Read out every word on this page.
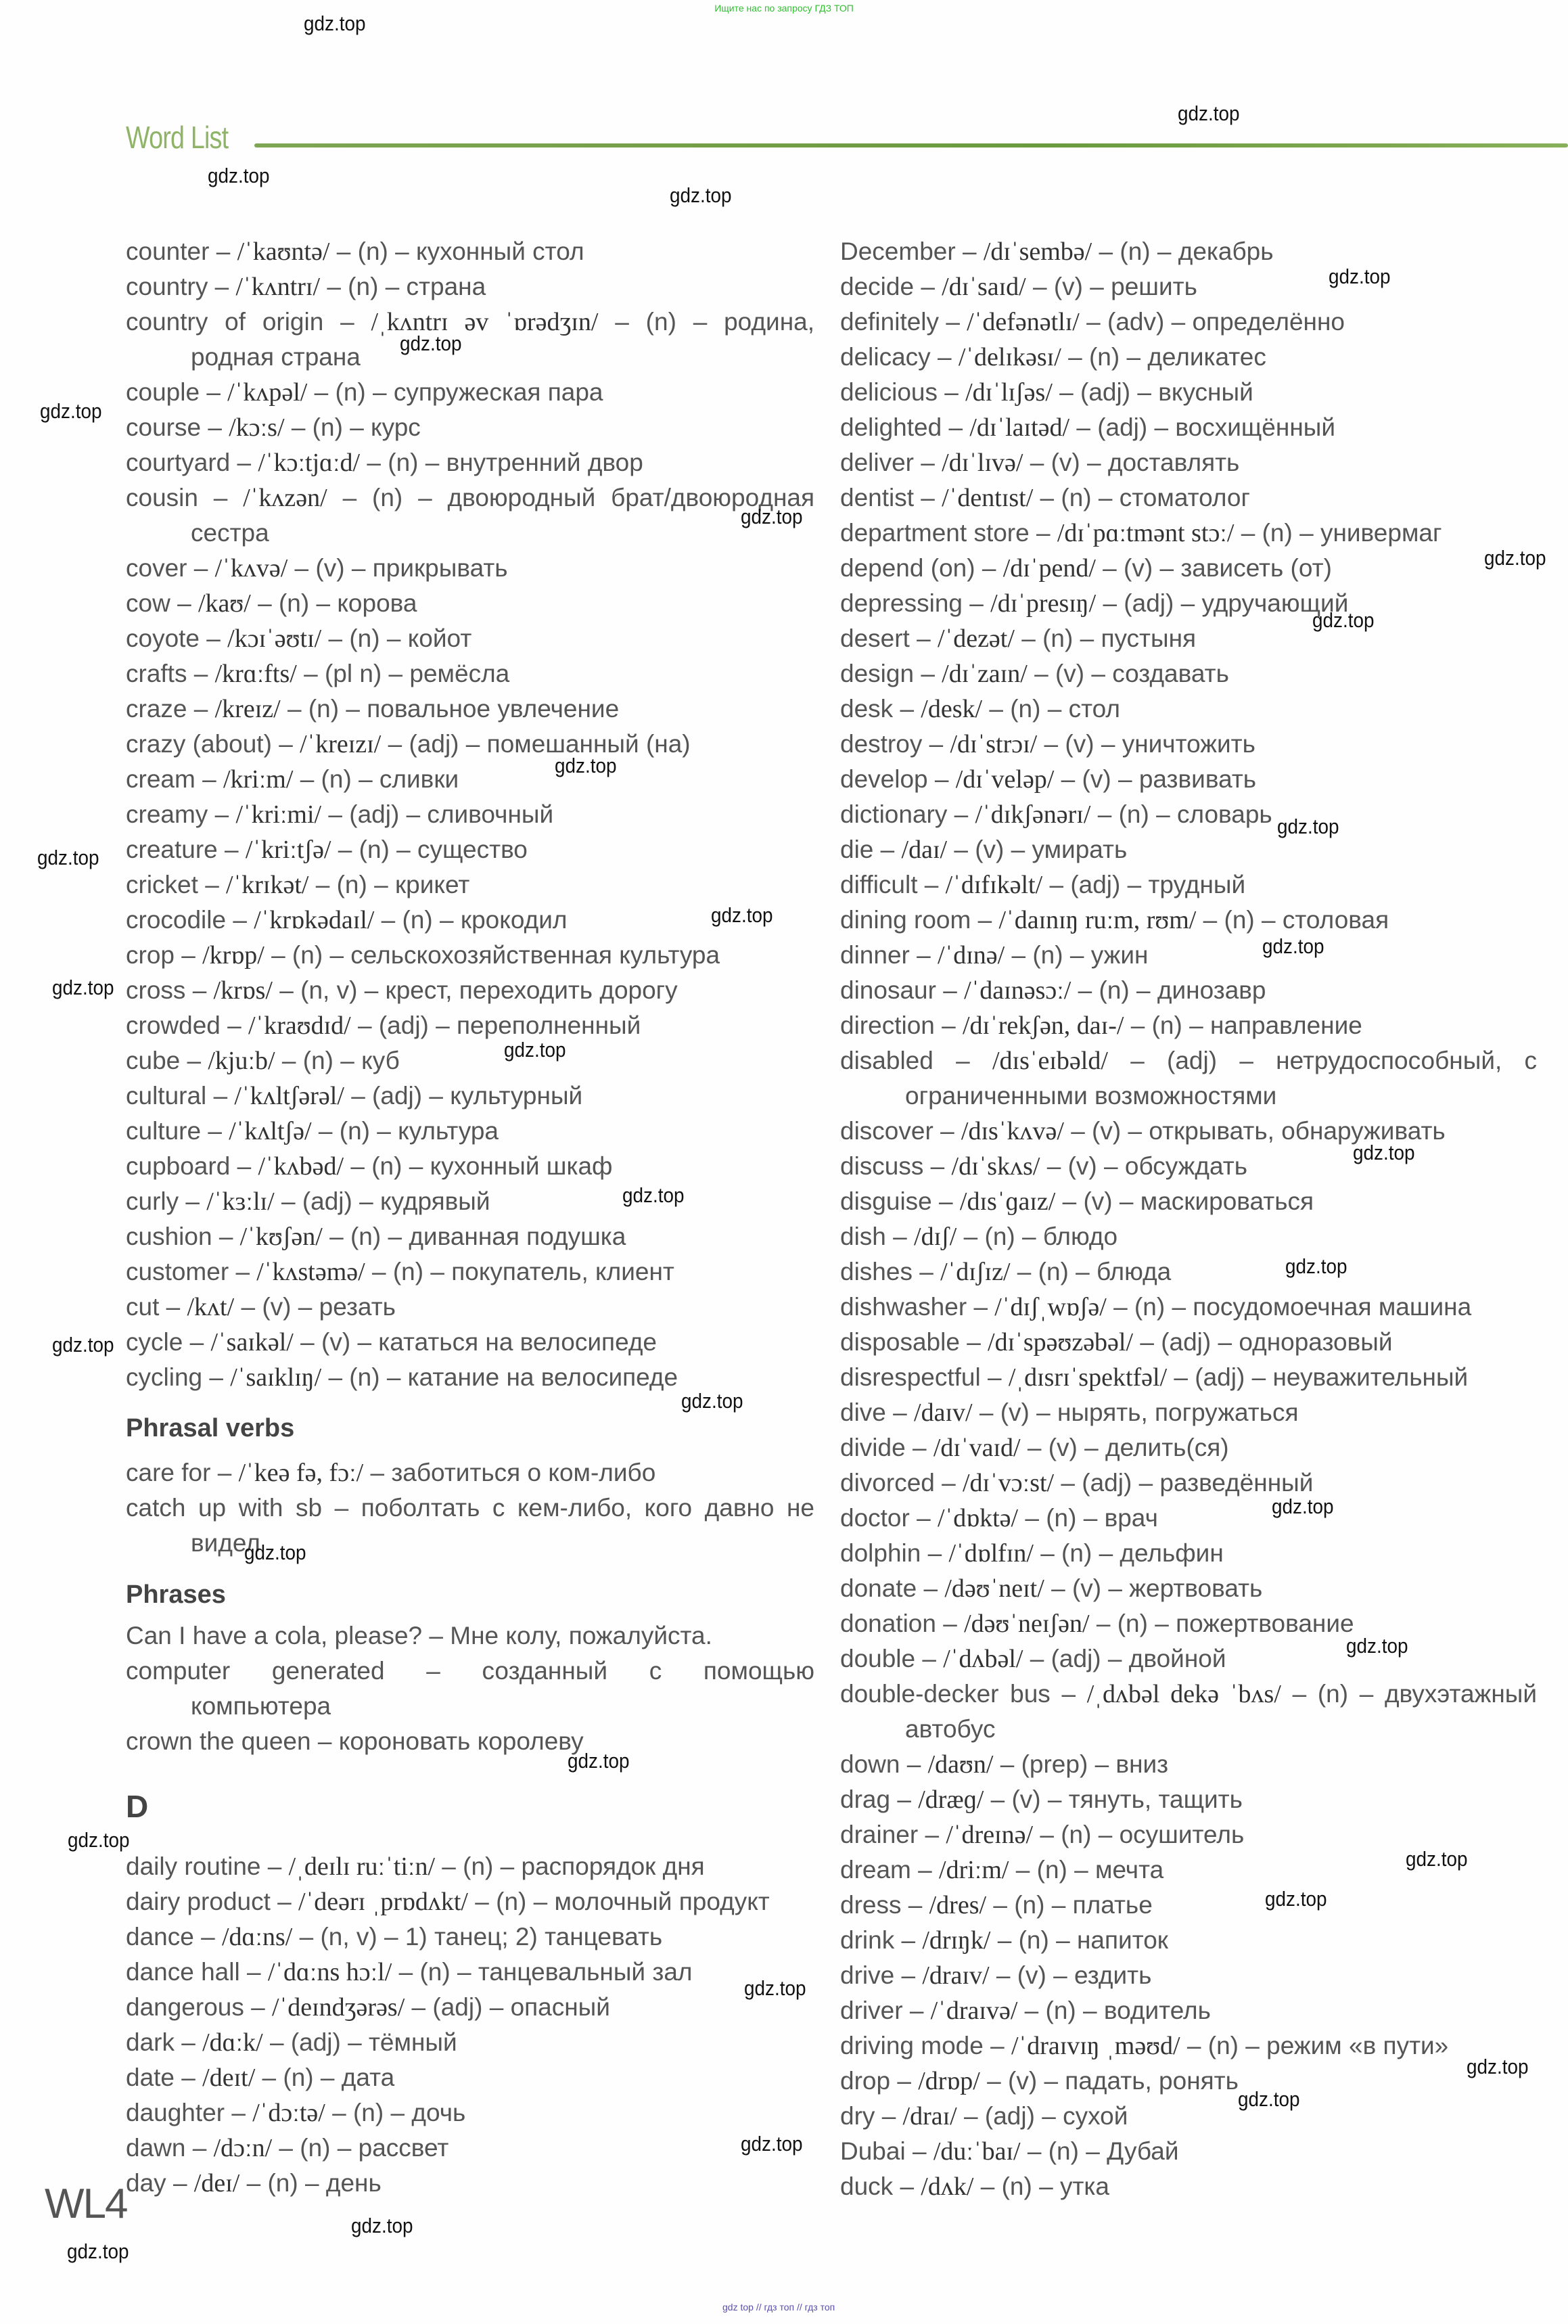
Ищите нас по запросу ГДЗ ТОП
Word List
counter – /ˈkaʊntə/ – (n) – кухонный стол
country – /ˈkʌntrɪ/ – (n) – страна
country of origin – /ˌkʌntrɪ əv ˈɒrədʒɪn/ – (n) – родина,
родная страна
couple – /ˈkʌpəl/ – (n) – супружеская пара
course – /kɔːs/ – (n) – курс
courtyard – /ˈkɔːtjɑːd/ – (n) – внутренний двор
cousin – /ˈkʌzən/ – (n) – двоюродный брат/двоюродная
сестра
cover – /ˈkʌvə/ – (v) – прикрывать
cow – /kaʊ/ – (n) – корова
coyote – /kɔɪˈəʊtɪ/ – (n) – койот
crafts – /krɑːfts/ – (pl n) – ремёсла
craze – /kreɪz/ – (n) – повальное увлечение
crazy (about) – /ˈkreɪzɪ/ – (adj) – помешанный (на)
cream – /kriːm/ – (n) – сливки
creamy – /ˈkriːmi/ – (adj) – сливочный
creature – /ˈkriːtʃə/ – (n) – существо
cricket – /ˈkrɪkət/ – (n) – крикет
crocodile – /ˈkrɒkədaɪl/ – (n) – крокодил
crop – /krɒp/ – (n) – сельскохозяйственная культура
cross – /krɒs/ – (n, v) – крест, переходить дорогу
crowded – /ˈkraʊdɪd/ – (adj) – переполненный
cube – /kjuːb/ – (n) – куб
cultural – /ˈkʌltʃərəl/ – (adj) – культурный
culture – /ˈkʌltʃə/ – (n) – культура
cupboard – /ˈkʌbəd/ – (n) – кухонный шкаф
curly – /ˈkɜːlɪ/ – (adj) – кудрявый
cushion – /ˈkʊʃən/ – (n) – диванная подушка
customer – /ˈkʌstəmə/ – (n) – покупатель, клиент
cut – /kʌt/ – (v) – резать
cycle – /ˈsaɪkəl/ – (v) – кататься на велосипеде
cycling – /ˈsaɪklɪŋ/ – (n) – катание на велосипеде
Phrasal verbs
care for – /ˈkeə fə, fɔː/ – заботиться о ком-либо
catch up with sb – поболтать с кем-либо, кого давно не
видел
Phrases
Can I have a cola, please? – Мне колу, пожалуйста.
computer generated – созданный с помощью
компьютера
crown the queen – короновать королеву
D
daily routine – /ˌdeɪlɪ ruːˈtiːn/ – (n) – распорядок дня
dairy product – /ˈdeərɪ ˌprɒdʌkt/ – (n) – молочный продукт
dance – /dɑːns/ – (n, v) – 1) танец; 2) танцевать
dance hall – /ˈdɑːns hɔːl/ – (n) – танцевальный зал
dangerous – /ˈdeɪndʒərəs/ – (adj) – опасный
dark – /dɑːk/ – (adj) – тёмный
date – /deɪt/ – (n) – дата
daughter – /ˈdɔːtə/ – (n) – дочь
dawn – /dɔːn/ – (n) – рассвет
day – /deɪ/ – (n) – день
December – /dɪˈsembə/ – (n) – декабрь
decide – /dɪˈsaɪd/ – (v) – решить
definitely – /ˈdefənətlɪ/ – (adv) – определённо
delicacy – /ˈdelɪkəsɪ/ – (n) – деликатес
delicious – /dɪˈlɪʃəs/ – (adj) – вкусный
delighted – /dɪˈlaɪtəd/ – (adj) – восхищённый
deliver – /dɪˈlɪvə/ – (v) – доставлять
dentist – /ˈdentɪst/ – (n) – стоматолог
department store – /dɪˈpɑːtmənt stɔː/ – (n) – универмаг
depend (on) – /dɪˈpend/ – (v) – зависеть (от)
depressing – /dɪˈpresɪŋ/ – (adj) – удручающий
desert – /ˈdezət/ – (n) – пустыня
design – /dɪˈzaɪn/ – (v) – создавать
desk – /desk/ – (n) – стол
destroy – /dɪˈstrɔɪ/ – (v) – уничтожить
develop – /dɪˈveləp/ – (v) – развивать
dictionary – /ˈdɪkʃənərɪ/ – (n) – словарь
die – /daɪ/ – (v) – умирать
difficult – /ˈdɪfɪkəlt/ – (adj) – трудный
dining room – /ˈdaɪnɪŋ ruːm, rʊm/ – (n) – столовая
dinner – /ˈdɪnə/ – (n) – ужин
dinosaur – /ˈdaɪnəsɔː/ – (n) – динозавр
direction – /dɪˈrekʃən, daɪ-/ – (n) – направление
disabled – /dɪsˈeɪbəld/ – (adj) – нетрудоспособный, с
ограниченными возможностями
discover – /dɪsˈkʌvə/ – (v) – открывать, обнаруживать
discuss – /dɪˈskʌs/ – (v) – обсуждать
disguise – /dɪsˈɡaɪz/ – (v) – маскироваться
dish – /dɪʃ/ – (n) – блюдо
dishes – /ˈdɪʃɪz/ – (n) – блюда
dishwasher – /ˈdɪʃˌwɒʃə/ – (n) – посудомоечная машина
disposable – /dɪˈspəʊzəbəl/ – (adj) – одноразовый
disrespectful – /ˌdɪsrɪˈspektfəl/ – (adj) – неуважительный
dive – /daɪv/ – (v) – нырять, погружаться
divide – /dɪˈvaɪd/ – (v) – делить(ся)
divorced – /dɪˈvɔːst/ – (adj) – разведённый
doctor – /ˈdɒktə/ – (n) – врач
dolphin – /ˈdɒlfɪn/ – (n) – дельфин
donate – /dəʊˈneɪt/ – (v) – жертвовать
donation – /dəʊˈneɪʃən/ – (n) – пожертвование
double – /ˈdʌbəl/ – (adj) – двойной
double-decker bus – /ˌdʌbəl dekə ˈbʌs/ – (n) – двухэтажный
автобус
down – /daʊn/ – (prep) – вниз
drag – /dræɡ/ – (v) – тянуть, тащить
drainer – /ˈdreɪnə/ – (n) – осушитель
dream – /driːm/ – (n) – мечта
dress – /dres/ – (n) – платье
drink – /drɪŋk/ – (n) – напиток
drive – /draɪv/ – (v) – ездить
driver – /ˈdraɪvə/ – (n) – водитель
driving mode – /ˈdraɪvɪŋ ˌməʊd/ – (n) – режим «в пути»
drop – /drɒp/ – (v) – падать, ронять
dry – /draɪ/ – (adj) – сухой
Dubai – /duːˈbaɪ/ – (n) – Дубай
duck – /dʌk/ – (n) – утка
gdz.top
gdz.top
gdz.top
gdz.top
gdz.top
gdz.top
gdz.top
gdz.top
gdz.top
gdz.top
gdz.top
gdz.top
gdz.top
gdz.top
gdz.top
gdz.top
gdz.top
gdz.top
gdz.top
gdz.top
gdz.top
gdz.top
gdz.top
gdz.top
gdz.top
gdz.top
gdz.top
gdz.top
gdz.top
gdz.top
gdz.top
gdz.top
gdz.top
gdz.top
gdz.top
WL4
gdz top // гдз топ // гдз топ
